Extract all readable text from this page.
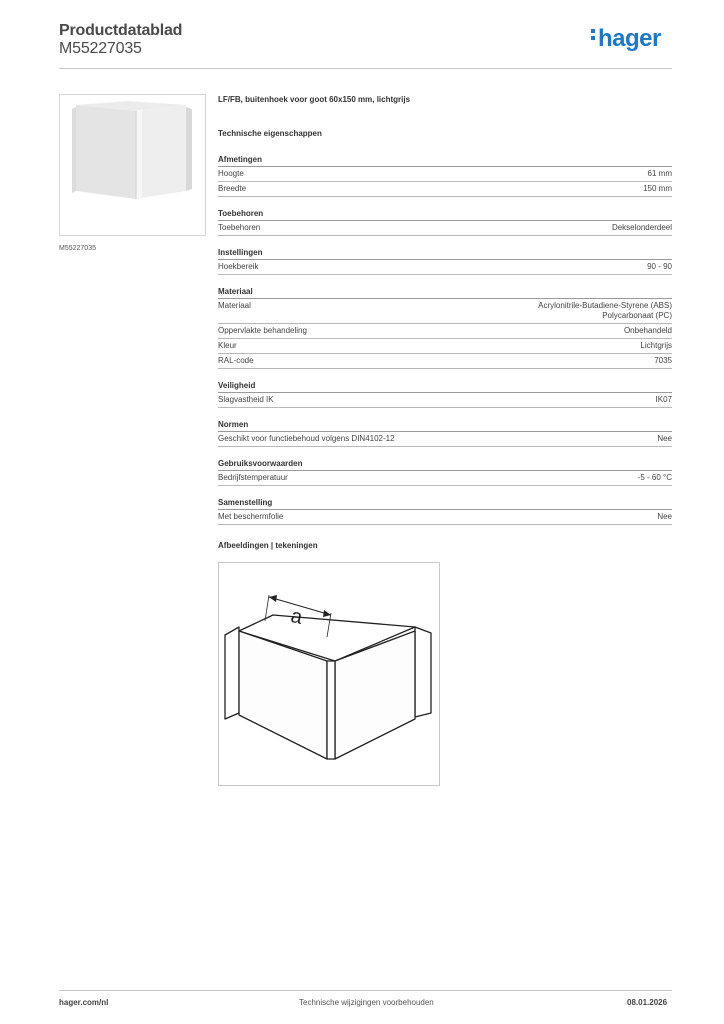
Productdatablad
M55227035	hager
M55227035
LF/FB, buitenhoek voor goot 60x150 mm, lichtgrijs
Technische eigenschappen
Afmetingen
Hoogte	61 mm
Breedte	150 mm
Toebehoren
Toebehoren	Dekselonderdeel
Instellingen
Hoekbereik	90 - 90
Materiaal
Materiaal	Acrylonitrile-Butadiene-Styrene (ABS)
Polycarbonaat (PC)
Oppervlakte behandeling	Onbehandeld
Kleur	Lichtgrijs
RAL-code	7035
Veiligheid
Slagvastheid IK	IK07
Normen
Geschikt voor functiebehoud volgens DIN4102-12	Nee
Gebruiksvoorwaarden
Bedrijfstemperatuur	-5 - 60 °C
Samenstelling
Met beschermfolie	Nee
Afbeeldingen | tekeningen
a
hager.com/nl	Technische wijzigingen voorbehouden	08.01.2026
